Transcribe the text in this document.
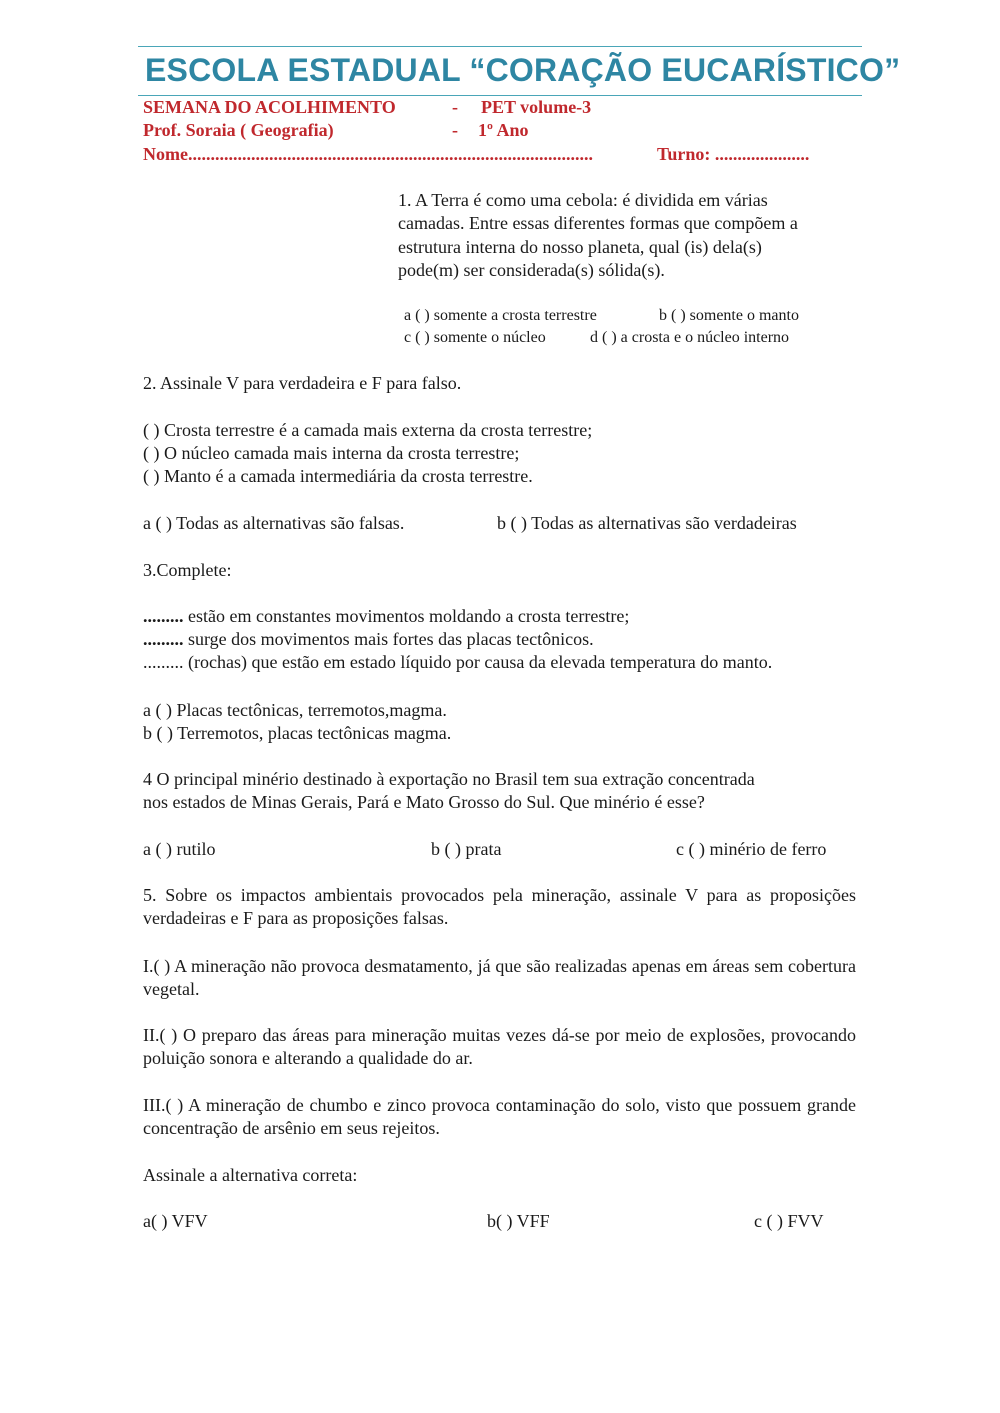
ESCOLA ESTADUAL “CORAÇÃO EUCARÍSTICO”
SEMANA DO ACOLHIMENTO	- PET volume-3
Prof. Soraia ( Geografia)	- 1º Ano
Nome..........................................................................................	Turno: .....................
1. A Terra é como uma cebola: é dividida em várias
camadas. Entre essas diferentes formas que compõem a
estrutura interna do nosso planeta, qual (is) dela(s)
pode(m) ser considerada(s) sólida(s).
a ( ) somente a crosta terrestre	b ( ) somente o manto
c ( ) somente o núcleo	d ( ) a crosta e o núcleo interno
2. Assinale V para verdadeira e F para falso.
( ) Crosta terrestre é a camada mais externa da crosta terrestre;
( ) O núcleo camada mais interna da crosta terrestre;
( ) Manto é a camada intermediária da crosta terrestre.
a ( ) Todas as alternativas são falsas.	b ( ) Todas as alternativas são verdadeiras
3.Complete:
......... estão em constantes movimentos moldando a crosta terrestre;
......... surge dos movimentos mais fortes das placas tectônicos.
......... (rochas) que estão em estado líquido por causa da elevada temperatura do manto.
a ( ) Placas tectônicas, terremotos,magma.
b ( ) Terremotos, placas tectônicas magma.
4 O principal minério destinado à exportação no Brasil tem sua extração concentrada
nos estados de Minas Gerais, Pará e Mato Grosso do Sul. Que minério é esse?
a ( ) rutilo	b ( ) prata	c ( ) minério de ferro
5. Sobre os impactos ambientais provocados pela mineração, assinale V para as proposições verdadeiras e F para as proposições falsas.
I.( ) A mineração não provoca desmatamento, já que são realizadas apenas em áreas sem cobertura vegetal.
II.( ) O preparo das áreas para mineração muitas vezes dá-se por meio de explosões, provocando poluição sonora e alterando a qualidade do ar.
III.( ) A mineração de chumbo e zinco provoca contaminação do solo, visto que possuem grande concentração de arsênio em seus rejeitos.
Assinale a alternativa correta:
a( ) VFV	b( ) VFF	c ( ) FVV
